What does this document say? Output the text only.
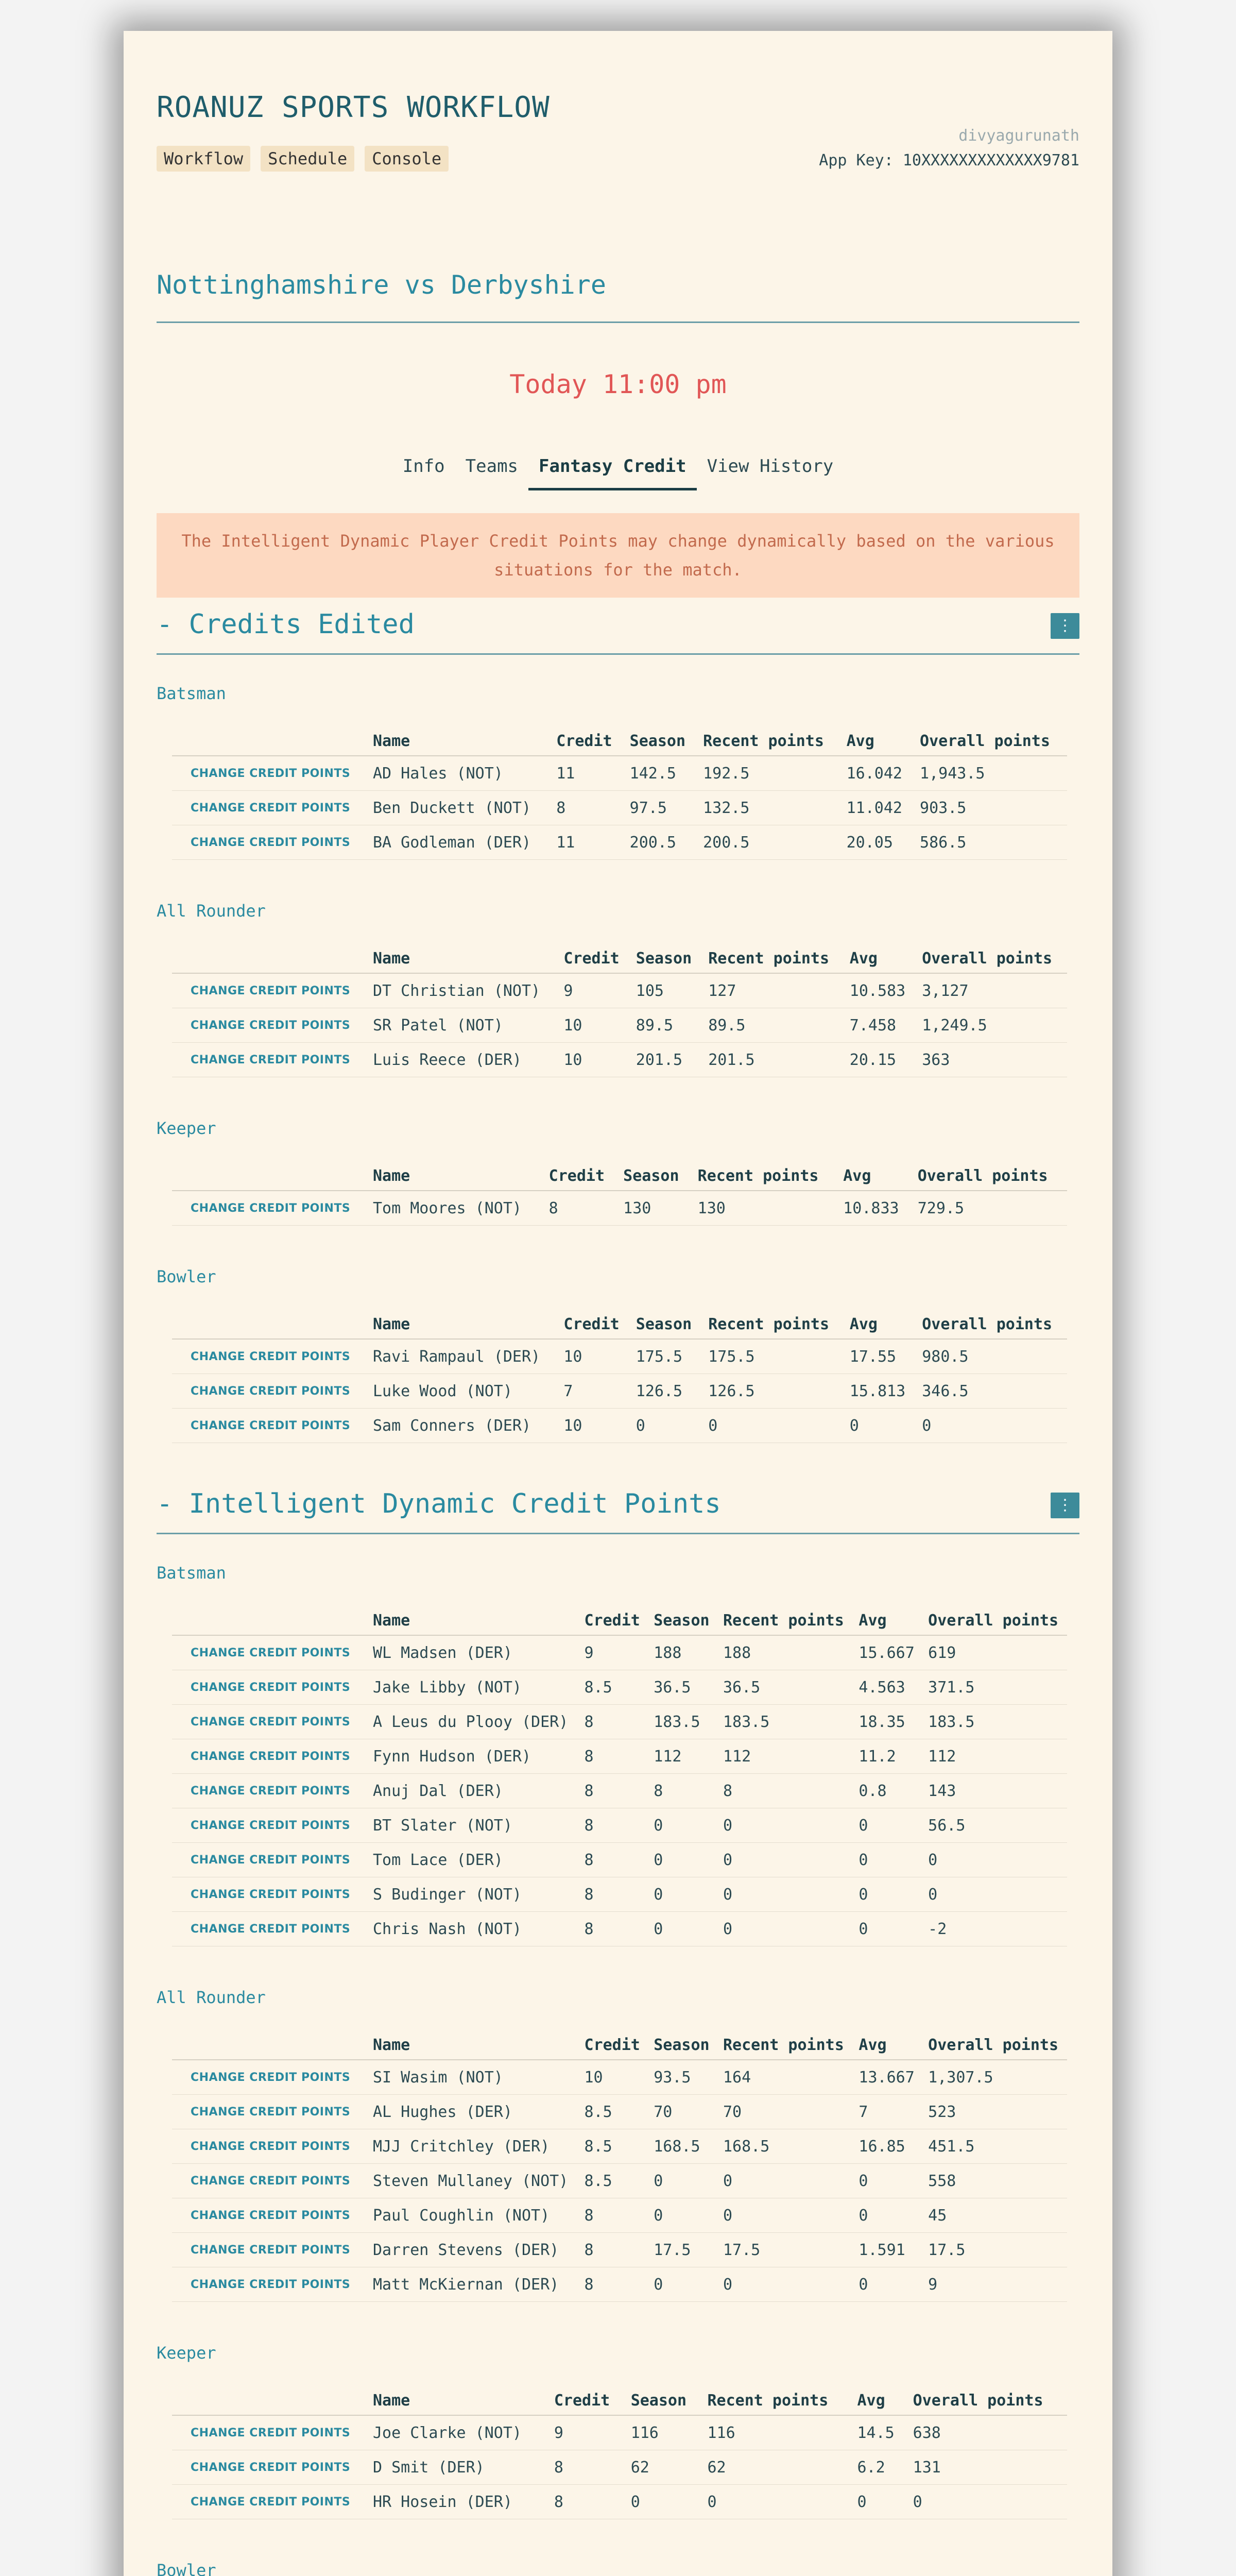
ROANUZ SPORTS WORKFLOW
Workflow	Schedule	Console
divyagurunath
App Key: 10XXXXXXXXXXXXX9781
Nottinghamshire vs Derbyshire
Today 11:00 pm
Info	Teams	Fantasy Credit	View History
The Intelligent Dynamic Player Credit Points may change dynamically based on the various situations for the match.
- Credits Edited	⋮
Batsman
	Name	Credit	Season	Recent points	Avg	Overall points
CHANGE CREDIT POINTS	AD Hales (NOT)	11	142.5	192.5	16.042	1,943.5
CHANGE CREDIT POINTS	Ben Duckett (NOT)	8	97.5	132.5	11.042	903.5
CHANGE CREDIT POINTS	BA Godleman (DER)	11	200.5	200.5	20.05	586.5
All Rounder
	Name	Credit	Season	Recent points	Avg	Overall points
CHANGE CREDIT POINTS	DT Christian (NOT)	9	105	127	10.583	3,127
CHANGE CREDIT POINTS	SR Patel (NOT)	10	89.5	89.5	7.458	1,249.5
CHANGE CREDIT POINTS	Luis Reece (DER)	10	201.5	201.5	20.15	363
Keeper
	Name	Credit	Season	Recent points	Avg	Overall points
CHANGE CREDIT POINTS	Tom Moores (NOT)	8	130	130	10.833	729.5
Bowler
	Name	Credit	Season	Recent points	Avg	Overall points
CHANGE CREDIT POINTS	Ravi Rampaul (DER)	10	175.5	175.5	17.55	980.5
CHANGE CREDIT POINTS	Luke Wood (NOT)	7	126.5	126.5	15.813	346.5
CHANGE CREDIT POINTS	Sam Conners (DER)	10	0	0	0	0
- Intelligent Dynamic Credit Points	⋮
Batsman
	Name	Credit	Season	Recent points	Avg	Overall points
CHANGE CREDIT POINTS	WL Madsen (DER)	9	188	188	15.667	619
CHANGE CREDIT POINTS	Jake Libby (NOT)	8.5	36.5	36.5	4.563	371.5
CHANGE CREDIT POINTS	A Leus du Plooy (DER)	8	183.5	183.5	18.35	183.5
CHANGE CREDIT POINTS	Fynn Hudson (DER)	8	112	112	11.2	112
CHANGE CREDIT POINTS	Anuj Dal (DER)	8	8	8	0.8	143
CHANGE CREDIT POINTS	BT Slater (NOT)	8	0	0	0	56.5
CHANGE CREDIT POINTS	Tom Lace (DER)	8	0	0	0	0
CHANGE CREDIT POINTS	S Budinger (NOT)	8	0	0	0	0
CHANGE CREDIT POINTS	Chris Nash (NOT)	8	0	0	0	-2
All Rounder
	Name	Credit	Season	Recent points	Avg	Overall points
CHANGE CREDIT POINTS	SI Wasim (NOT)	10	93.5	164	13.667	1,307.5
CHANGE CREDIT POINTS	AL Hughes (DER)	8.5	70	70	7	523
CHANGE CREDIT POINTS	MJJ Critchley (DER)	8.5	168.5	168.5	16.85	451.5
CHANGE CREDIT POINTS	Steven Mullaney (NOT)	8.5	0	0	0	558
CHANGE CREDIT POINTS	Paul Coughlin (NOT)	8	0	0	0	45
CHANGE CREDIT POINTS	Darren Stevens (DER)	8	17.5	17.5	1.591	17.5
CHANGE CREDIT POINTS	Matt McKiernan (DER)	8	0	0	0	9
Keeper
	Name	Credit	Season	Recent points	Avg	Overall points
CHANGE CREDIT POINTS	Joe Clarke (NOT)	9	116	116	14.5	638
CHANGE CREDIT POINTS	D Smit (DER)	8	62	62	6.2	131
CHANGE CREDIT POINTS	HR Hosein (DER)	8	0	0	0	0
Bowler
